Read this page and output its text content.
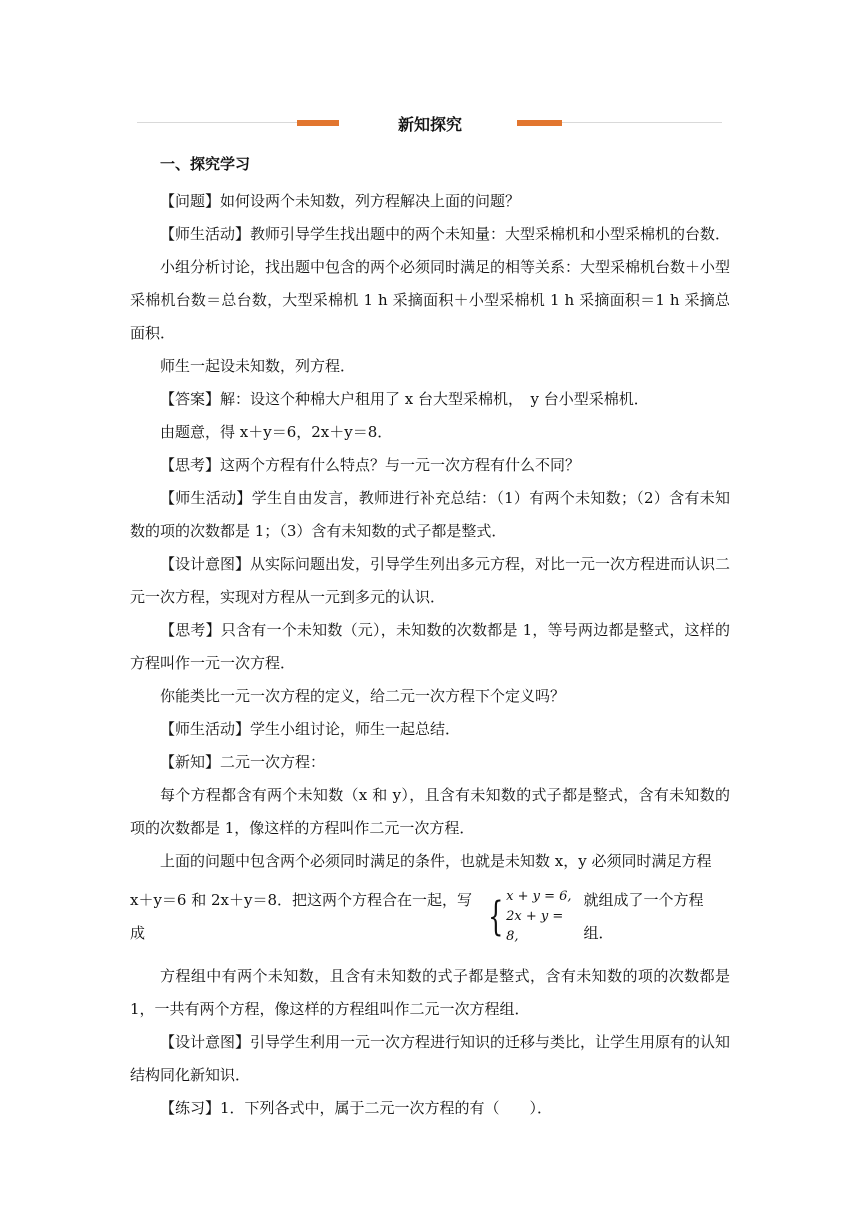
新知探究

一、探究学习

【问题】如何设两个未知数，列方程解决上面的问题？

【师生活动】教师引导学生找出题中的两个未知量：大型采棉机和小型采棉机的台数．

小组分析讨论，找出题中包含的两个必须同时满足的相等关系：大型采棉机台数＋小型采棉机台数＝总台数，大型采棉机 1 h 采摘面积＋小型采棉机 1 h 采摘面积＝1 h 采摘总面积．

师生一起设未知数，列方程．

【答案】解：设这个种棉大户租用了 x 台大型采棉机，　y 台小型采棉机．

由题意，得 x＋y＝6，2x＋y＝8．

【思考】这两个方程有什么特点？与一元一次方程有什么不同？

【师生活动】学生自由发言，教师进行补充总结：（1）有两个未知数；（2）含有未知数的项的次数都是 1；（3）含有未知数的式子都是整式．

【设计意图】从实际问题出发，引导学生列出多元方程，对比一元一次方程进而认识二元一次方程，实现对方程从一元到多元的认识．

【思考】只含有一个未知数（元），未知数的次数都是 1，等号两边都是整式，这样的方程叫作一元一次方程．

你能类比一元一次方程的定义，给二元一次方程下个定义吗？

【师生活动】学生小组讨论，师生一起总结．

【新知】二元一次方程：

每个方程都含有两个未知数（x 和 y），且含有未知数的式子都是整式，含有未知数的项的次数都是 1，像这样的方程叫作二元一次方程．

上面的问题中包含两个必须同时满足的条件，也就是未知数 x，y 必须同时满足方程

x＋y＝6 和 2x＋y＝8．把这两个方程合在一起，写成	{ x + y = 6,
2x + y = 8,
就组成了一个方程组．

方程组中有两个未知数，且含有未知数的式子都是整式，含有未知数的项的次数都是 1，一共有两个方程，像这样的方程组叫作二元一次方程组．

【设计意图】引导学生利用一元一次方程进行知识的迁移与类比，让学生用原有的认知结构同化新知识．

【练习】1．下列各式中，属于二元一次方程的有（　　）．
